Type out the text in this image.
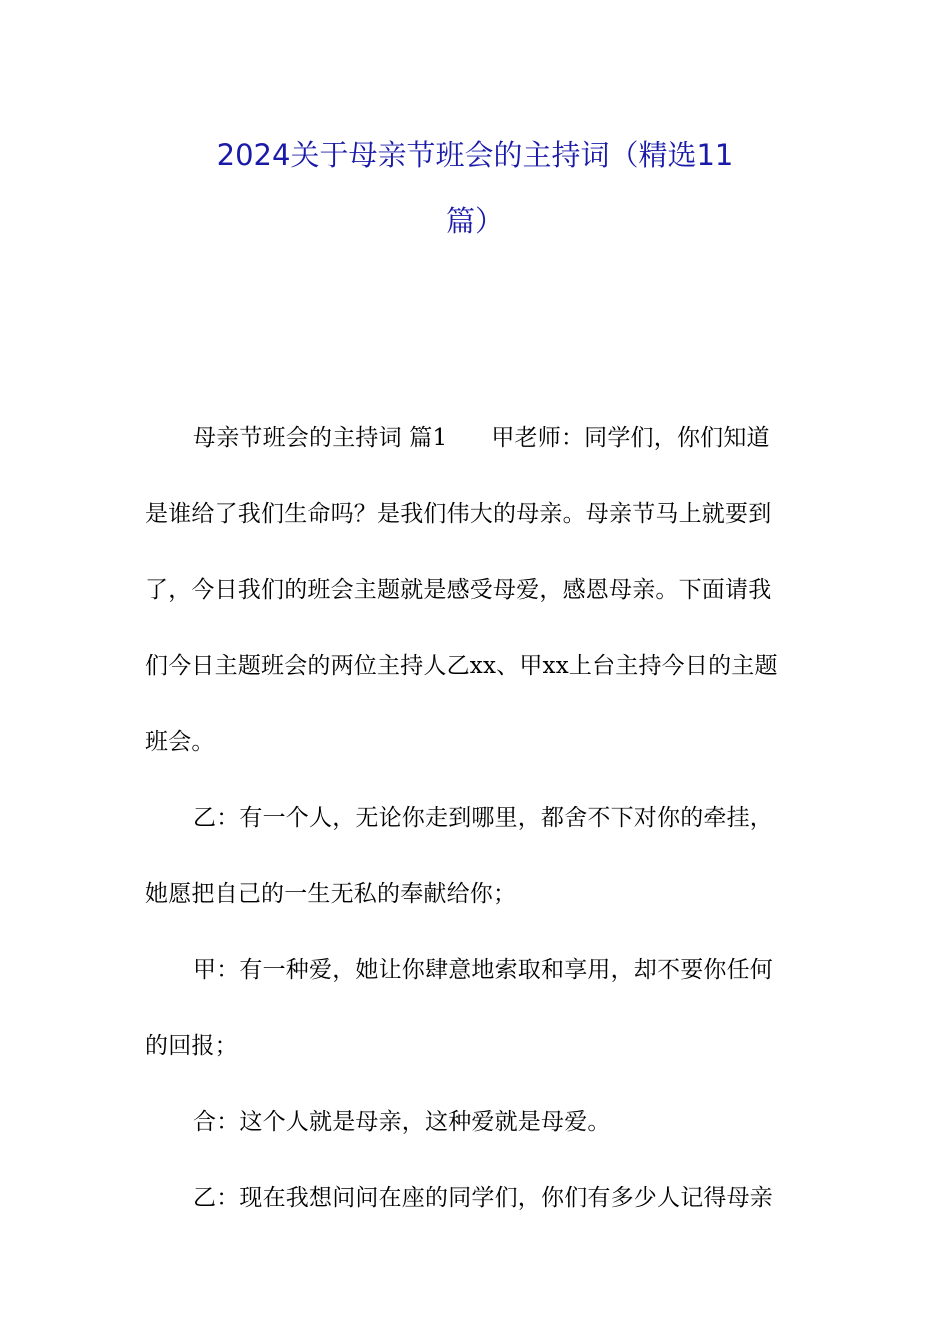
2024关于母亲节班会的主持词（精选11
篇）
母亲节班会的主持词 篇1 甲老师：同学们，你们知道
是谁给了我们生命吗？是我们伟大的母亲。母亲节马上就要到
了，今日我们的班会主题就是感受母爱，感恩母亲。下面请我
们今日主题班会的两位主持人乙xx、甲xx上台主持今日的主题
班会。
乙：有一个人，无论你走到哪里，都舍不下对你的牵挂，
她愿把自己的一生无私的奉献给你；
甲：有一种爱，她让你肆意地索取和享用，却不要你任何
的回报；
合：这个人就是母亲，这种爱就是母爱。
乙：现在我想问问在座的同学们，你们有多少人记得母亲
